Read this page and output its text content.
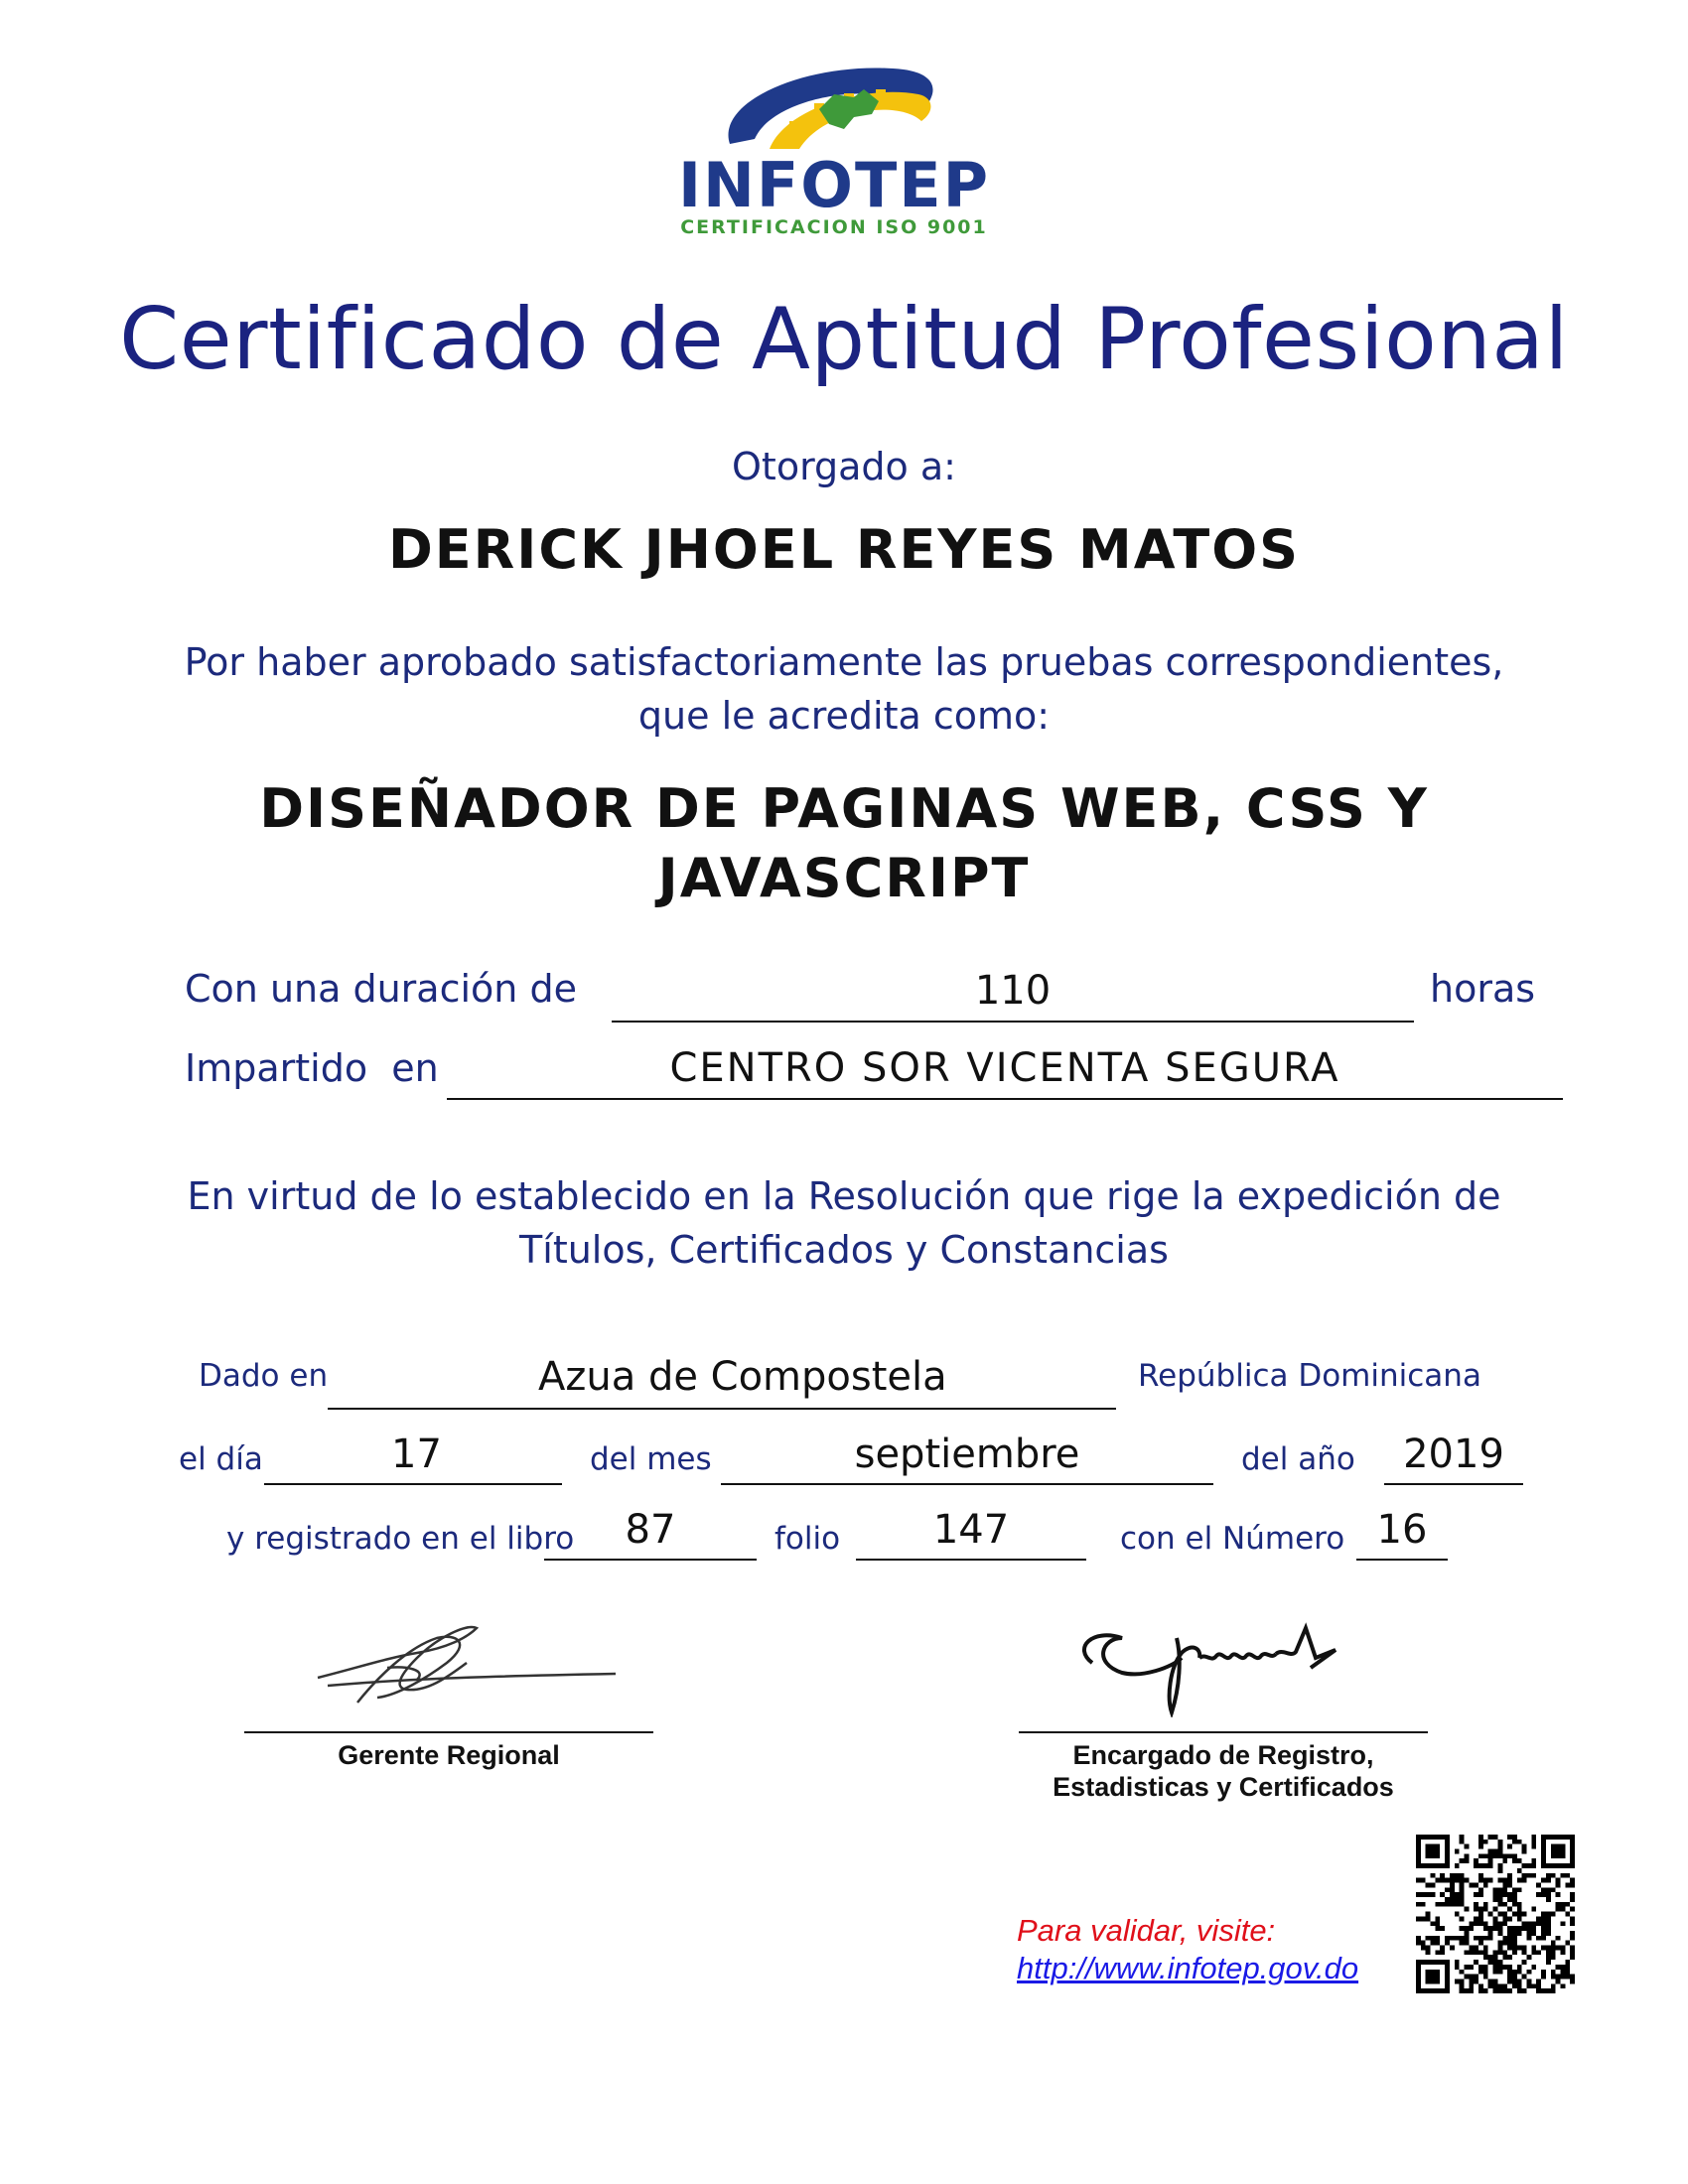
INFOTEP
CERTIFICACION ISO 9001
Certificado de Aptitud Profesional
Otorgado a:
DERICK JHOEL REYES MATOS
Por haber aprobado satisfactoriamente las pruebas correspondientes, que le acredita como:
DISEÑADOR DE PAGINAS WEB, CSS Y JAVASCRIPT
Con una duración de	110	horas
Impartido  en	CENTRO SOR VICENTA SEGURA
En virtud de lo establecido en la Resolución que rige la expedición de Títulos, Certificados y Constancias
Dado en	Azua de Compostela	República Dominicana
el día	17	del mes	septiembre	del año	2019
y registrado en el libro	87	folio	147	con el Número 16
Gerente Regional	Encargado de Registro,
Estadisticas y Certificados
Para validar, visite:
http://www.infotep.gov.do
